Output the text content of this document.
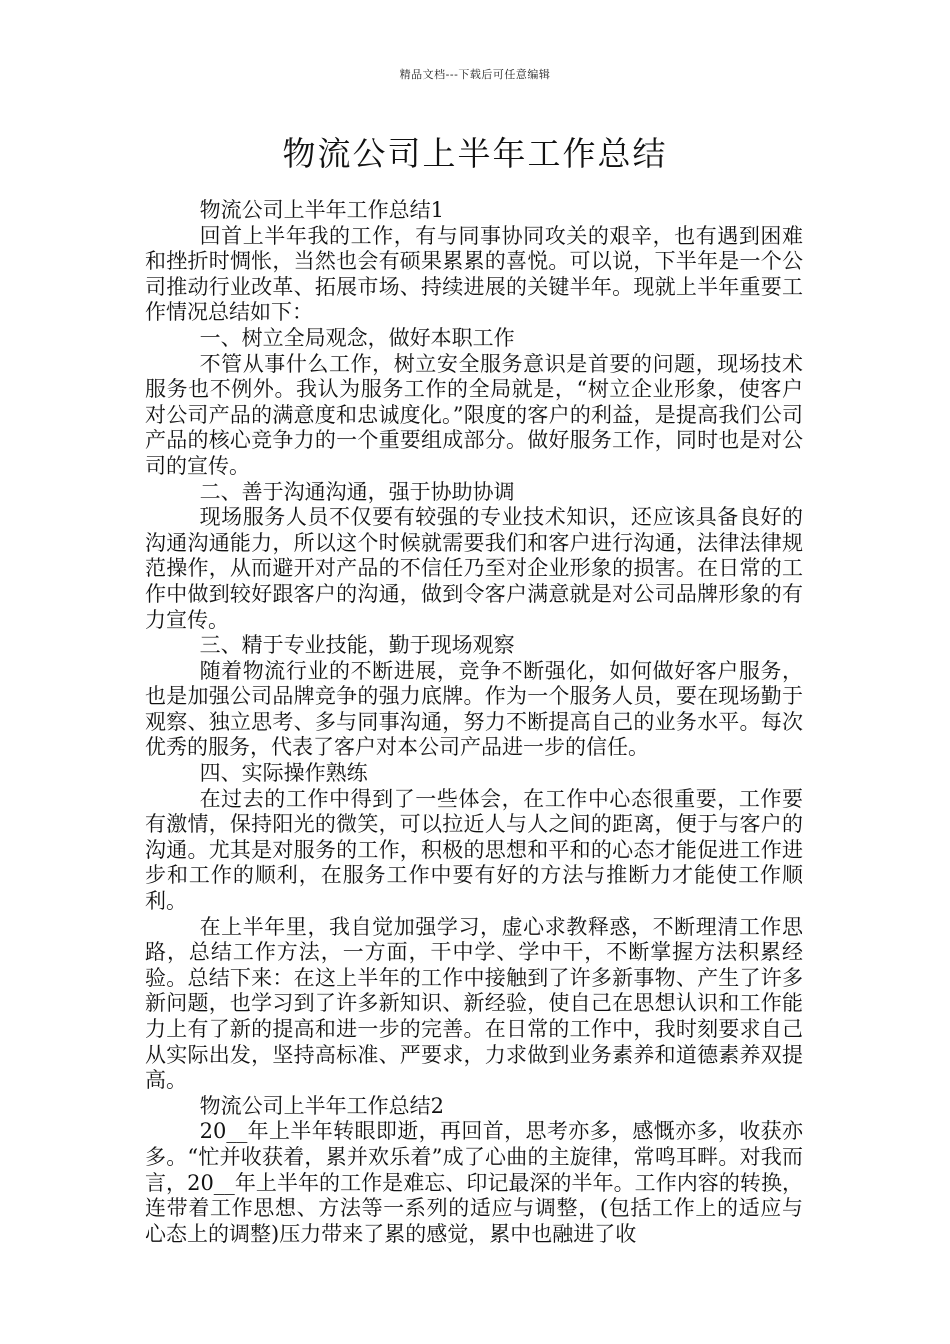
精品文档---下载后可任意编辑
物流公司上半年工作总结

物流公司上半年工作总结1

回首上半年我的工作，有与同事协同攻关的艰辛，也有遇到困难和挫折时惆怅，当然也会有硕果累累的喜悦。可以说，下半年是一个公司推动行业改革、拓展市场、持续进展的关键半年。现就上半年重要工作情况总结如下：

一、树立全局观念，做好本职工作

不管从事什么工作，树立安全服务意识是首要的问题，现场技术服务也不例外。我认为服务工作的全局就是，“树立企业形象，使客户对公司产品的满意度和忠诚度化。”限度的客户的利益，是提高我们公司产品的核心竞争力的一个重要组成部分。做好服务工作，同时也是对公司的宣传。

二、善于沟通沟通，强于协助协调

现场服务人员不仅要有较强的专业技术知识，还应该具备良好的沟通沟通能力，所以这个时候就需要我们和客户进行沟通，法律法律规范操作，从而避开对产品的不信任乃至对企业形象的损害。在日常的工作中做到较好跟客户的沟通，做到令客户满意就是对公司品牌形象的有力宣传。

三、精于专业技能，勤于现场观察

随着物流行业的不断进展，竞争不断强化，如何做好客户服务，也是加强公司品牌竞争的强力底牌。作为一个服务人员，要在现场勤于观察、独立思考、多与同事沟通，努力不断提高自己的业务水平。每次优秀的服务，代表了客户对本公司产品进一步的信任。

四、实际操作熟练

在过去的工作中得到了一些体会，在工作中心态很重要，工作要有激情，保持阳光的微笑，可以拉近人与人之间的距离，便于与客户的沟通。尤其是对服务的工作，积极的思想和平和的心态才能促进工作进步和工作的顺利，在服务工作中要有好的方法与推断力才能使工作顺利。

在上半年里，我自觉加强学习，虚心求教释惑，不断理清工作思路，总结工作方法，一方面，干中学、学中干，不断掌握方法积累经验。总结下来：在这上半年的工作中接触到了许多新事物、产生了许多新问题，也学习到了许多新知识、新经验，使自己在思想认识和工作能力上有了新的提高和进一步的完善。在日常的工作中，我时刻要求自己从实际出发，坚持高标准、严要求，力求做到业务素养和道德素养双提高。

物流公司上半年工作总结2

20__年上半年转眼即逝，再回首，思考亦多，感慨亦多，收获亦多。“忙并收获着，累并欢乐着”成了心曲的主旋律，常鸣耳畔。对我而言，20__年上半年的工作是难忘、印记最深的半年。工作内容的转换，连带着工作思想、方法等一系列的适应与调整，(包括工作上的适应与心态上的调整)压力带来了累的感觉，累中也融进了收
